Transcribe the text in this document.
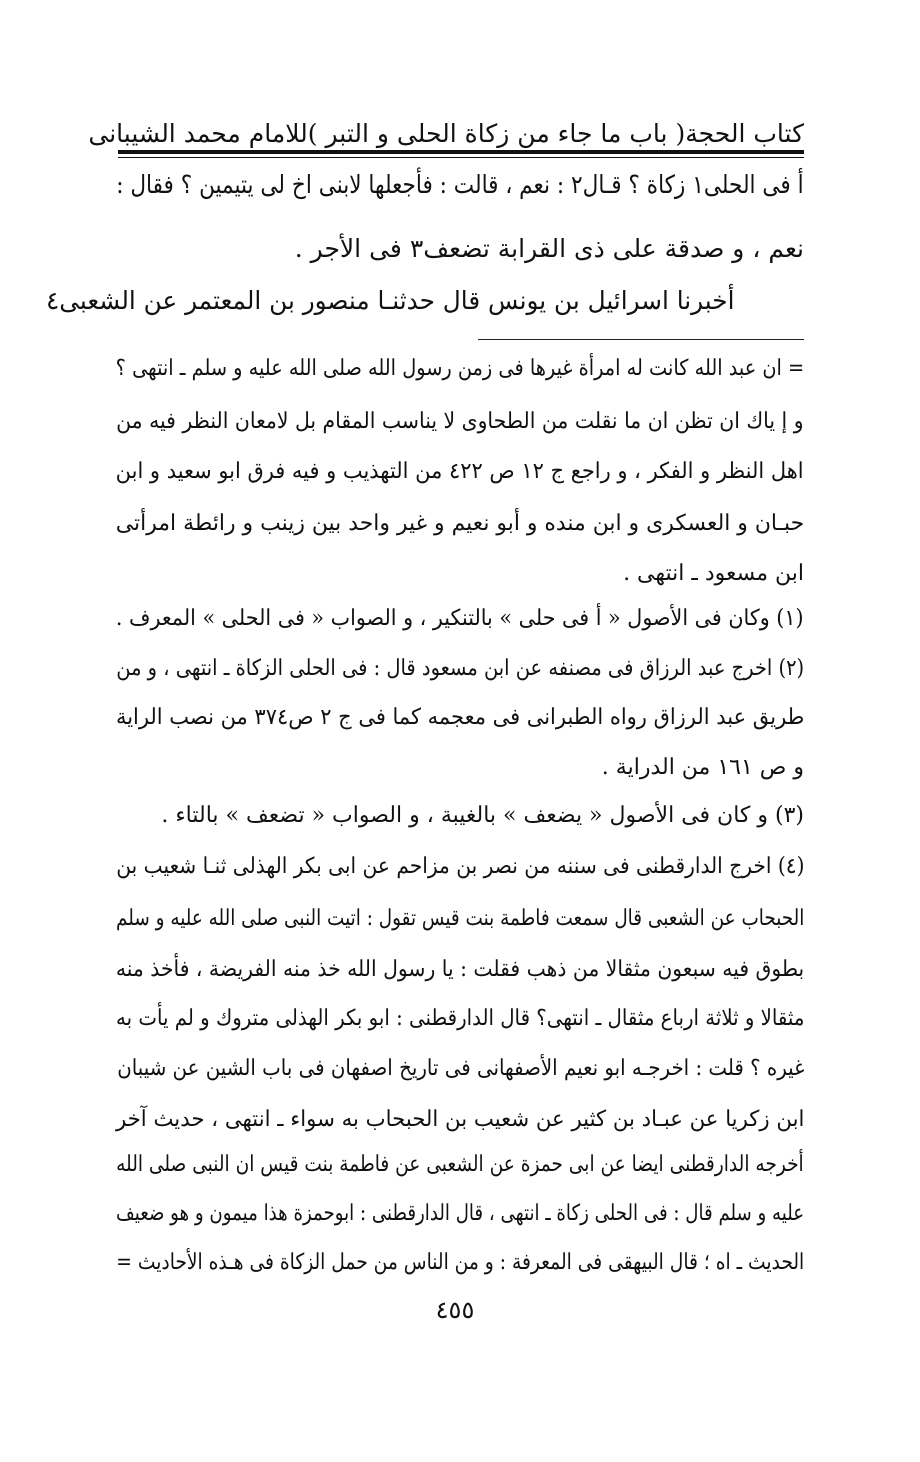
كتاب الحجة
( باب ما جاء من زكاة الحلى و التبر )
للامام محمد الشيبانى
أ فى الحلى١ زكاة ؟ قـال٢ : نعم ، قالت : فأجعلها لابنى اخ لى يتيمين ؟ فقال :
نعم ، و صدقة على ذى القرابة تضعف٣ فى الأجر .
أخبرنا اسرائيل بن يونس قال حدثنـا منصور بن المعتمر عن الشعبى٤
= ان عبد الله كانت له امرأة غيرها فى زمن رسول الله صلى الله عليه و سلم ـ انتهى ؟
و إ ياك ان تظن ان ما نقلت من الطحاوى لا يناسب المقام بل لامعان النظر فيه من
اهل النظر و الفكر ، و راجع ج ١٢ ص ٤٢٢ من التهذيب و فيه فرق ابو سعيد و ابن
حبـان و العسكرى و ابن منده و أبو نعيم و غير واحد بين زينب و رائطة امرأتى
ابن مسعود ـ انتهى .
(١) وكان فى الأصول « أ فى حلى » بالتنكير ، و الصواب « فى الحلى » المعرف .
(٢) اخرج عبد الرزاق فى مصنفه عن ابن مسعود قال : فى الحلى الزكاة ـ انتهى ، و من
طريق عبد الرزاق رواه الطبرانى فى معجمه كما فى ج ٢ ص٣٧٤ من نصب الراية
و ص ١٦١ من الدراية .
(٣) و كان فى الأصول « يضعف » بالغيبة ، و الصواب « تضعف » بالتاء .
(٤) اخرج الدارقطنى فى سننه من نصر بن مزاحم عن ابى بكر الهذلى ثنـا شعيب بن
الحبحاب عن الشعبى قال سمعت فاطمة بنت قيس تقول : اتيت النبى صلى الله عليه و سلم
بطوق فيه سبعون مثقالا من ذهب فقلت : يا رسول الله خذ منه الفريضة ، فأخذ منه
مثقالا و ثلاثة ارباع مثقال ـ انتهى؟ قال الدارقطنى : ابو بكر الهذلى متروك و لم يأت به
غيره ؟ قلت : اخرجـه ابو نعيم الأصفهانى فى تاريخ اصفهان فى باب الشين عن شيبان
ابن زكريا عن عبـاد بن كثير عن شعيب بن الحبحاب به سواء ـ انتهى ، حديث آخر
أخرجه الدارقطنى ايضا عن ابى حمزة عن الشعبى عن فاطمة بنت قيس ان النبى صلى الله
عليه و سلم قال : فى الحلى زكاة ـ انتهى ، قال الدارقطنى : ابوحمزة هذا ميمون و هو ضعيف
الحديث ـ اه ؛ قال البيهقى فى المعرفة : و من الناس من حمل الزكاة فى هـذه الأحاديث =
٤٥٥
